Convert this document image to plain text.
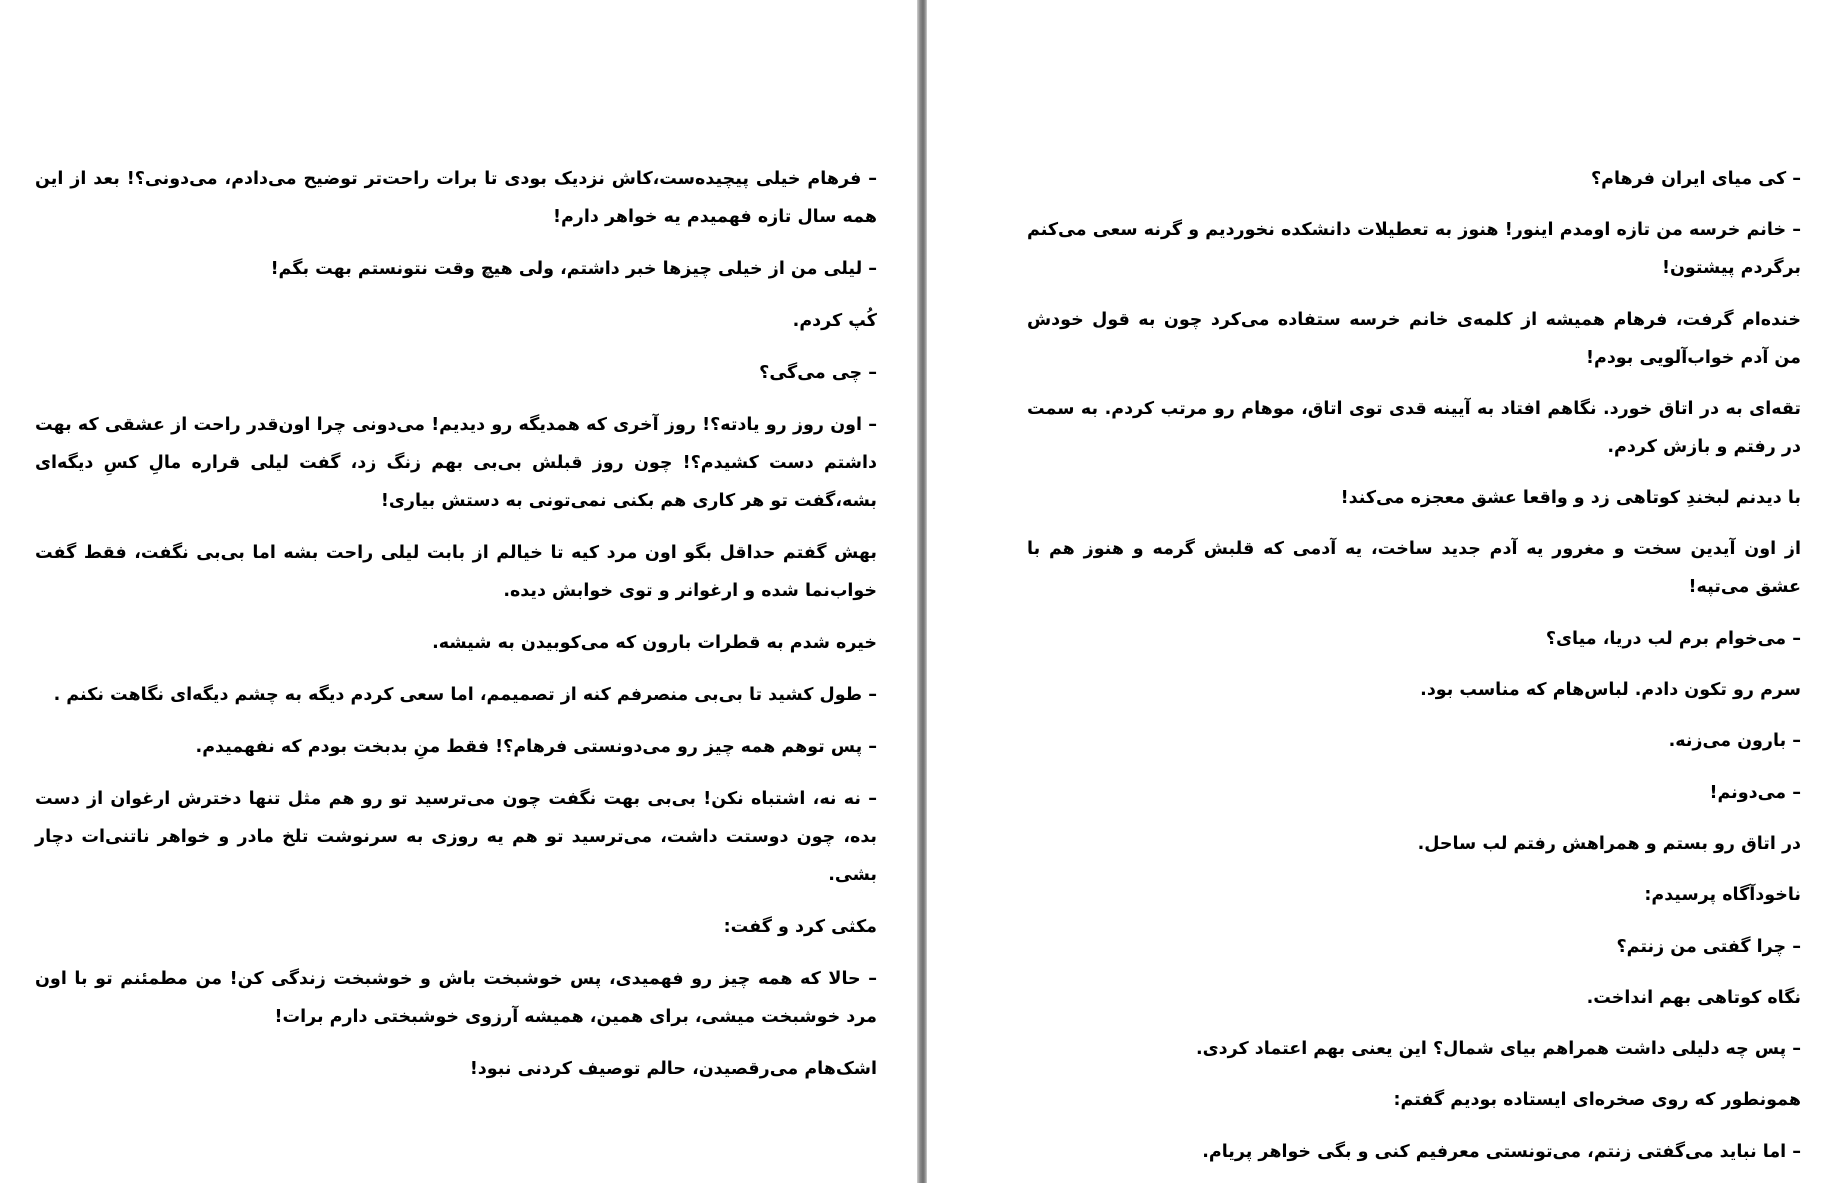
– فرهام خیلی پیچیده‌ست،کاش نزدیک بودی تا برات راحت‌تر توضیح می‌دادم، می‌دونی؟! بعد از این همه سال تازه فهمیدم یه خواهر دارم!

– لیلی من از خیلی چیزها خبر داشتم، ولی هیچ وقت نتونستم بهت بگم!

کُپ کردم.

– چی می‌گی؟

– اون روز رو یادته؟! روز آخری که همدیگه رو دیدیم! می‌دونی چرا اون‌قدر راحت از عشقی که بهت داشتم دست کشیدم؟! چون روز قبلش بی‌بی بهم زنگ زد، گفت لیلی قراره مالِ کسِ دیگه‌ای بشه،گفت تو هر کاری هم بکنی نمی‌تونی به دستش بیاری!

بهش گفتم حداقل بگو اون مرد کیه تا خیالم از بابت لیلی راحت بشه اما بی‌بی نگفت، فقط گفت خواب‌نما شده و ارغوانر و توی خوابش دیده.

خیره شدم به قطرات بارون که می‌کوبیدن به شیشه.

– طول کشید تا بی‌بی منصرفم کنه از تصمیمم، اما سعی کردم دیگه به چشم دیگه‌ای نگاهت نکنم .

– پس توهم همه چیز رو می‌دونستی فرهام؟! فقط منِ بدبخت بودم که نفهمیدم.

– نه نه، اشتباه نکن! بی‌بی بهت نگفت چون می‌ترسید تو رو هم مثل تنها دخترش ارغوان از دست بده، چون دوستت داشت، می‌ترسید تو هم یه روزی به سرنوشت تلخ مادر و خواهر ناتنی‌ات دچار بشی.

مکثی کرد و گفت:

– حالا که همه چیز رو فهمیدی، پس خوشبخت باش و خوشبخت زندگی کن! من مطمئنم تو با اون مرد خوشبخت میشی، برای همین، همیشه آرزوی خوشبختی دارم برات!

اشک‌هام می‌رقصیدن، حالم توصیف کردنی نبود!

– کی میای ایران فرهام؟

– خانم خرسه من تازه اومدم اینور! هنوز به تعطیلات دانشکده نخوردیم و گرنه سعی می‌کنم برگردم پیشتون!

خنده‌ام گرفت، فرهام همیشه از کلمه‌ی خانم خرسه ستفاده می‌کرد چون به قول خودش من آدم خواب‌آلویی بودم!

تقه‌ای به در اتاق خورد. نگاهم افتاد به آیینه قدی توی اتاق، موهام رو مرتب کردم. به سمت در رفتم و بازش کردم.

با دیدنم لبخندِ کوتاهی زد و واقعا عشق معجزه می‌کند!

از اون آیدین سخت و مغرور یه آدم جدید ساخت، یه آدمی که قلبش گرمه و هنوز هم با عشق می‌تپه!

– می‌خوام برم لب دریا، میای؟

سرم رو تکون دادم. لباس‌هام که مناسب بود.

– بارون می‌زنه.

– می‌دونم!

در اتاق رو بستم و همراهش رفتم لب ساحل.

ناخودآگاه پرسیدم:

– چرا گفتی من زنتم؟

نگاه کوتاهی بهم انداخت.

– پس چه دلیلی داشت همراهم بیای شمال؟ این یعنی بهم اعتماد کردی.

همونطور که روی صخره‌ای ایستاده بودیم گفتم:

– اما نباید می‌گفتی زنتم، می‌تونستی معرفیم کنی و بگی خواهر پریام.
